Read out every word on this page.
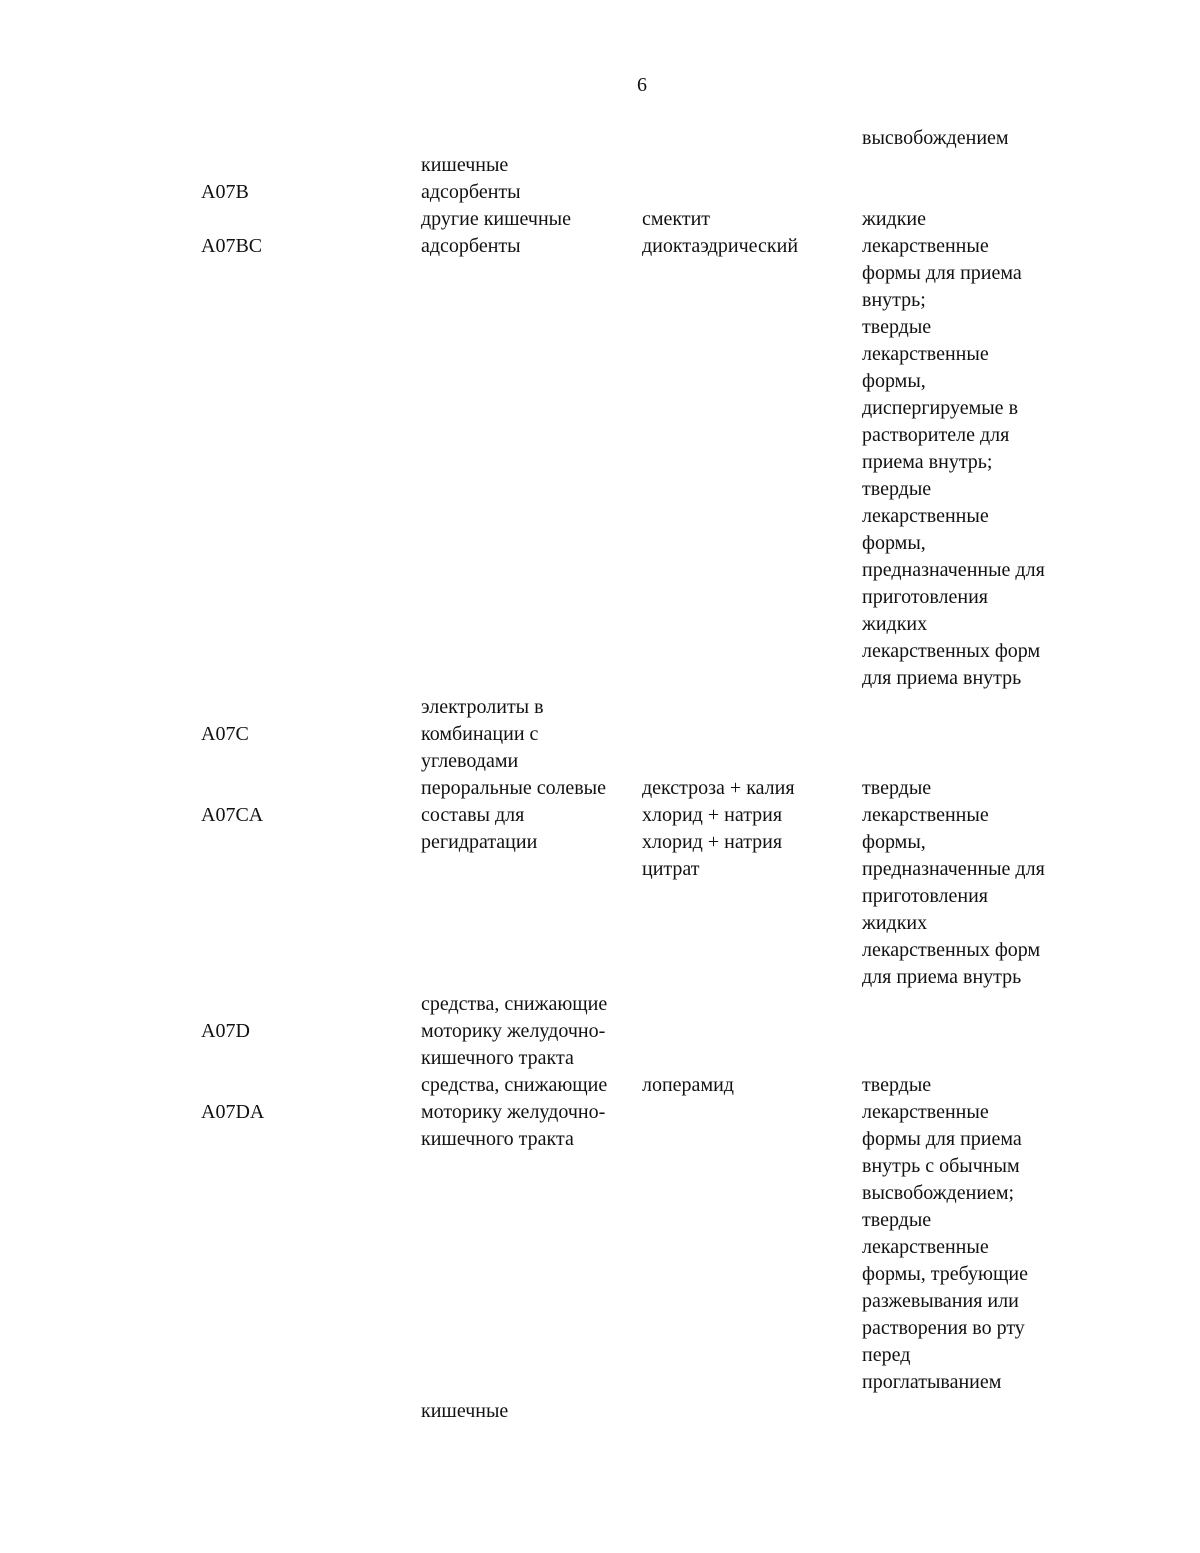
6
высвобождением
кишечные
адсорбенты
A07B
другие кишечные
адсорбенты
A07BC
смектит
диоктаэдрический
жидкие
лекарственные
формы для приема
внутрь;
твердые
лекарственные
формы,
диспергируемые в
растворителе для
приема внутрь;
твердые
лекарственные
формы,
предназначенные для
приготовления
жидких
лекарственных форм
для приема внутрь
электролиты в
комбинации с
углеводами
A07C
пероральные солевые
составы для
регидратации
A07CA
декстроза + калия
хлорид + натрия
хлорид + натрия
цитрат
твердые
лекарственные
формы,
предназначенные для
приготовления
жидких
лекарственных форм
для приема внутрь
средства, снижающие
моторику желудочно-
кишечного тракта
A07D
средства, снижающие
моторику желудочно-
кишечного тракта
A07DA
лоперамид	твердые
лекарственные
формы для приема
внутрь с обычным
высвобождением;
твердые
лекарственные
формы, требующие
разжевывания или
растворения во рту
перед
проглатыванием
кишечные
